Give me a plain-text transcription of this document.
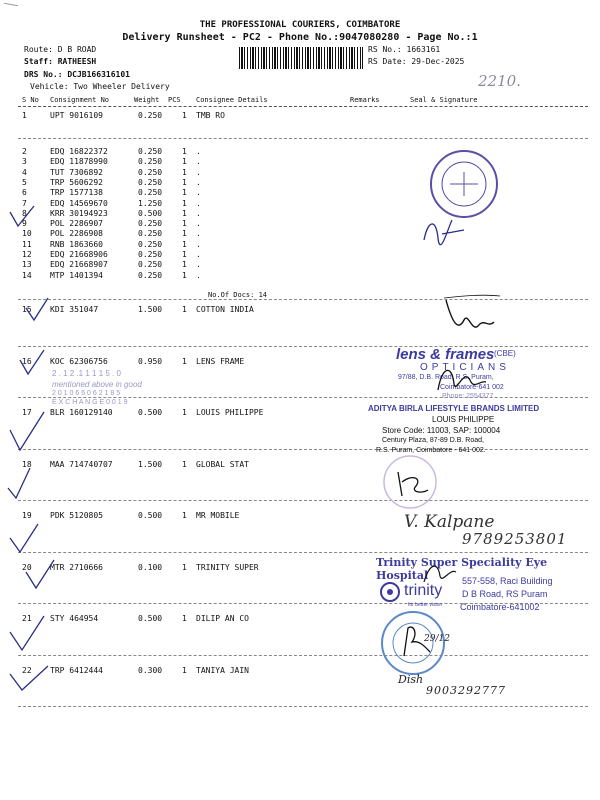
THE PROFESSIONAL COURIERS, COIMBATORE
Delivery Runsheet - PC2 - Phone No.:9047080280 - Page No.:1
Route: D B ROAD
Staff: RATHEESH
DRS No.: DCJB166316101
Vehicle: Two Wheeler Delivery
RS No.: 1663161
RS Date: 29-Dec-2025
2210.
S No Consignment No	Weight PCS Consignee Details	Remarks	Seal & Signature
1	UPT 9016109	0.250 1 TMB RO
2	EDQ 16822372	0.250 1 .
3	EDQ 11878990	0.250 1 .
4	TUT 7306892	0.250 1 .
5	TRP 5606292	0.250 1 .
6	TRP 1577138	0.250 1 .
7	EDQ 14569670	1.250 1 .
8	KRR 30194923	0.500 1 .
9	POL 2286907	0.250 1 .
10 POL 2286908	0.250 1 .
11 RNB 1863660	0.250 1 .
12 EDQ 21668906	0.250 1 .
13 EDQ 21668907	0.250 1 .
14 MTP 1401394	0.250 1 .
No.Of Docs: 14
15 KDI 351047	1.500 1 COTTON INDIA
16 KOC 62306756	0.950 1 LENS FRAME
17 BLR 160129140	0.500 1 LOUIS PHILIPPE
18 MAA 714740707	1.500 1 GLOBAL STAT
19 PDK 5120805	0.500 1 MR MOBILE
20 MTR 2710666	0.100 1 TRINITY SUPER
21 STY 464954	0.500 1 DILIP AN CO
22 TRP 6412444	0.300 1 TANIYA JAIN
lens & frames (CBE)
OPTICIANS
97/88, D.B. Road, R.S. Puram,
Coimbatore-641 002
Phone: 2554377
2 . 1 2 .1 1 1 1 5 . 0
mentioned above in good
2 0 1 0 6 6 0 6 2 1 8 5
E X C H A N G E 0 0 1 9
ADITYA BIRLA LIFESTYLE BRANDS LIMITED
LOUIS PHILIPPE
Store Code: 11003, SAP: 100004
Century Plaza, 87-89 D.B. Road,
R.S. Puram, Coimbatore - 641 002.
V. Kalpane
9789253801
Trinity Super Speciality Eye Hospital
trinity
for better vision
557-558, Raci Building
D B Road, RS Puram
Coimbatore-641002
29/12
Dish
9003292777
